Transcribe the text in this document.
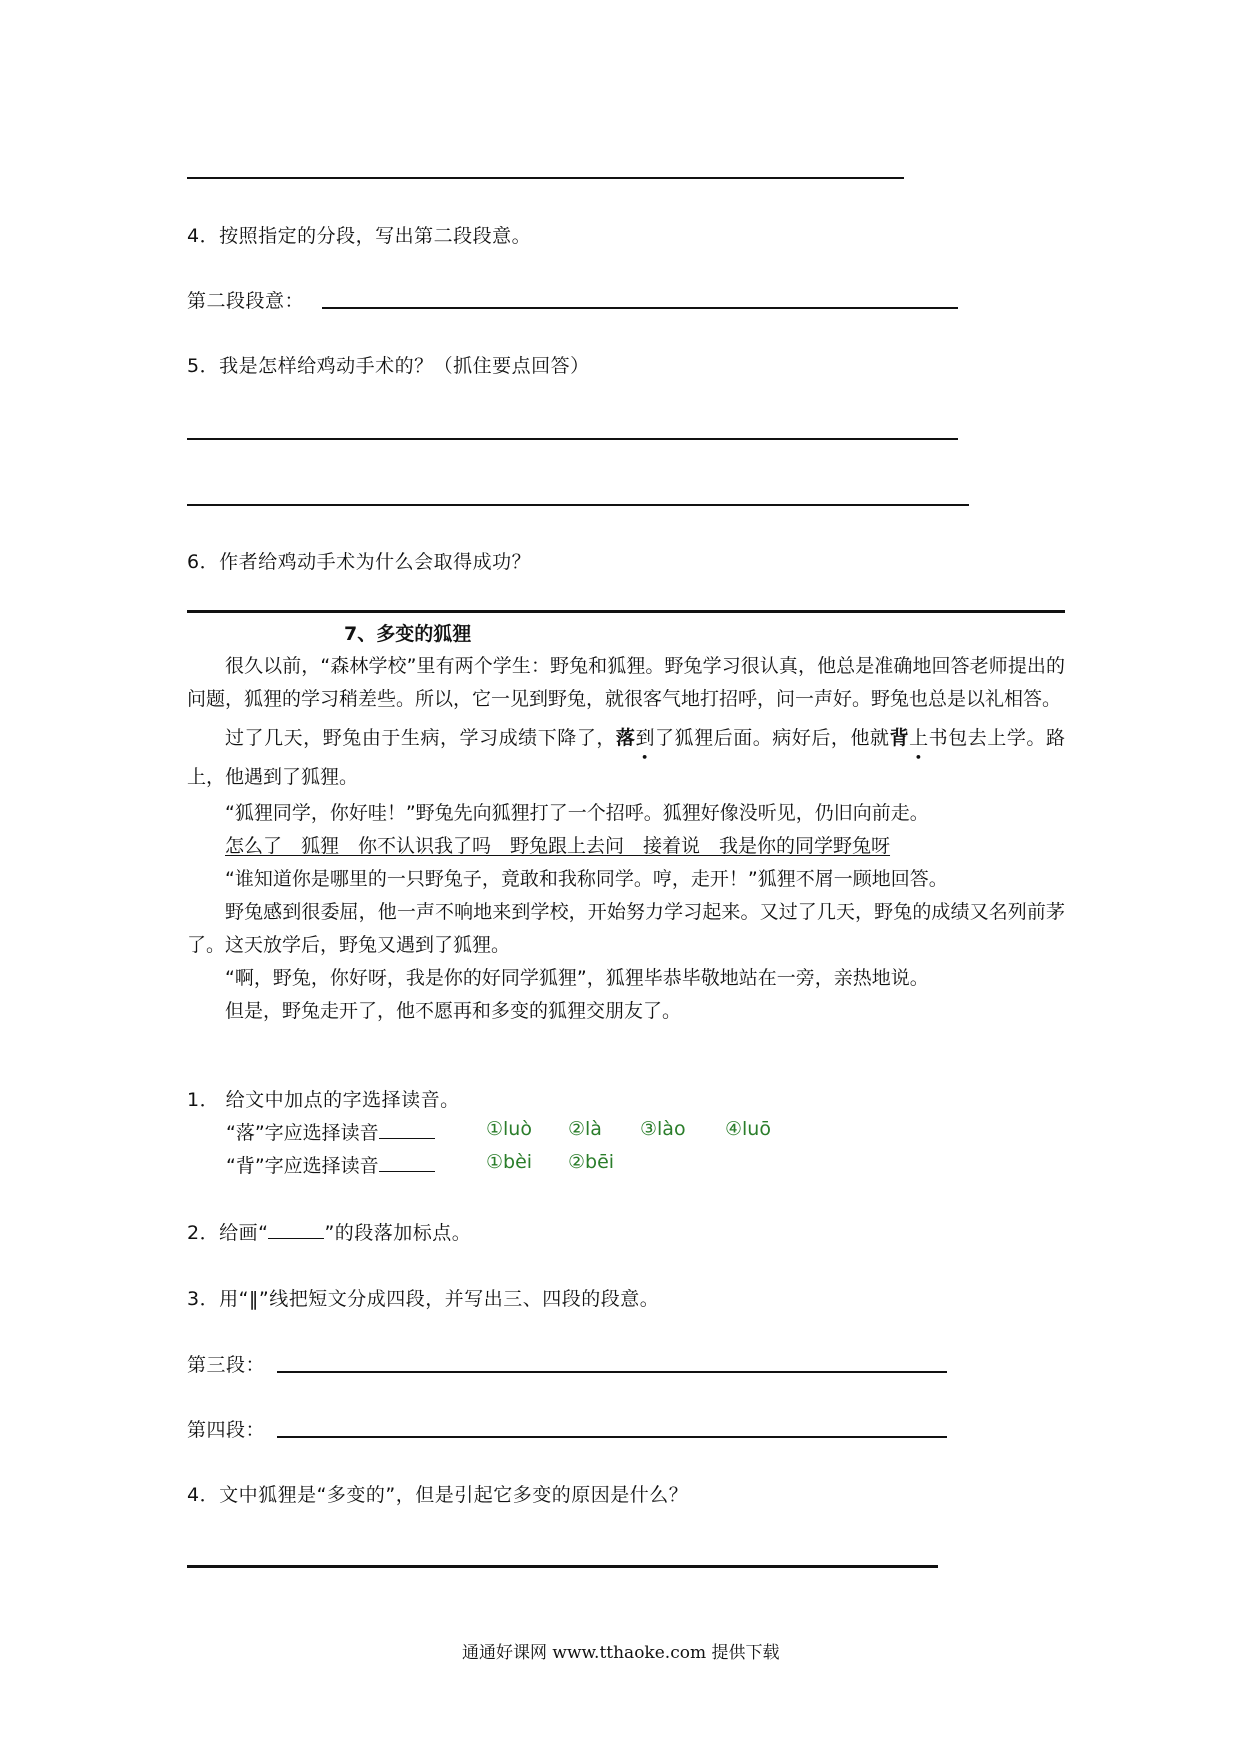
4．按照指定的分段，写出第二段段意。
第二段段意：
5．我是怎样给鸡动手术的？（抓住要点回答）
6．作者给鸡动手术为什么会取得成功？
7、多变的狐狸

很久以前，“森林学校”里有两个学生：野兔和狐狸。野兔学习很认真，他总是准确地回答老师提出的问题，狐狸的学习稍差些。所以，它一见到野兔，就很客气地打招呼，问一声好。野兔也总是以礼相答。

过了几天，野兔由于生病，学习成绩下降了，落到了狐狸后面。病好后，他就背上书包去上学。路上，他遇到了狐狸。

“狐狸同学，你好哇！”野兔先向狐狸打了一个招呼。狐狸好像没听见，仍旧向前走。

怎么了　狐狸　你不认识我了吗　野兔跟上去问　接着说　我是你的同学野兔呀

“谁知道你是哪里的一只野兔子，竟敢和我称同学。哼，走开！”狐狸不屑一顾地回答。

野兔感到很委屈，他一声不响地来到学校，开始努力学习起来。又过了几天，野兔的成绩又名列前茅了。这天放学后，野兔又遇到了狐狸。

“啊，野兔，你好呀，我是你的好同学狐狸”，狐狸毕恭毕敬地站在一旁，亲热地说。

但是，野兔走开了，他不愿再和多变的狐狸交朋友了。

1． 给文中加点的字选择读音。
“落”字应选择读音	①luò ②là ③lào ④luō
“背”字应选择读音	①bèi ②bēi
2．给画“	”的段落加标点。
3．用“‖”线把短文分成四段，并写出三、四段的段意。
第三段：
第四段：
4．文中狐狸是“多变的”，但是引起它多变的原因是什么？
通通好课网 www.tthaoke.com 提供下载
